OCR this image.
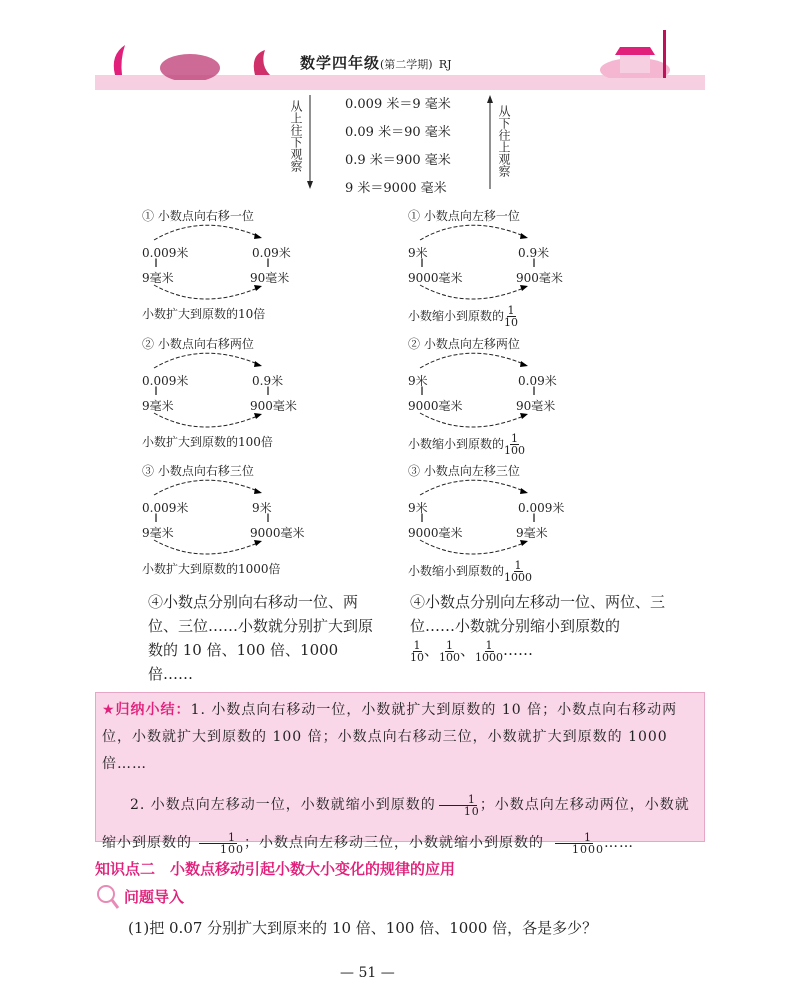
数学四年级(第二学期) RJ
从上往下观察	从下往上观察
0.009 米＝9 毫米
0.09 米＝90 毫米
0.9 米＝900 毫米
9 米＝9000 毫米
① 小数点向右移一位
0.009米
‖
9毫米
0.09米
‖
90毫米
小数扩大到原数的10倍
① 小数点向左移一位
9米
‖
9000毫米
0.9米
‖
900毫米
小数缩小到原数的 $\frac{1}{10}$
② 小数点向右移两位
0.009米
‖
9毫米
0.9米
‖
900毫米
小数扩大到原数的100倍
② 小数点向左移两位
9米
‖
9000毫米
0.09米
‖
90毫米
小数缩小到原数的 $\frac{1}{100}$
③ 小数点向右移三位
0.009米
‖
9毫米
9米
‖
9000毫米
小数扩大到原数的1000倍
③ 小数点向左移三位
9米
‖
9000毫米
0.009米
‖
9毫米
小数缩小到原数的 $\frac{1}{1000}$
④小数点分别向右移动一位、两位、三位……小数就分别扩大到原数的 10 倍、100 倍、1000 倍……
④小数点分别向左移动一位、两位、三位……小数就分别缩小到原数的

$\frac{1}{10}$ 、 $\frac{1}{100}$ 、 $\frac{1}{1000}$ ……
★归纳小结：1. 小数点向右移动一位，小数就扩大到原数的 10 倍；小数点向右移动两位，小数就扩大到原数的 100 倍；小数点向右移动三位，小数就扩大到原数的 1000 倍……
2. 小数点向左移动一位，小数就缩小到原数的 $\frac{1}{10}$ ；小数点向左移动两位，小数就缩小到原数的 $\frac{1}{100}$ ；小数点向左移动三位，小数就缩小到原数的 $\frac{1}{1000}$ ……
知识点二　小数点移动引起小数大小变化的规律的应用
问题导入
(1)把 0.07 分别扩大到原来的 10 倍、100 倍、1000 倍，各是多少？
— 51 —
